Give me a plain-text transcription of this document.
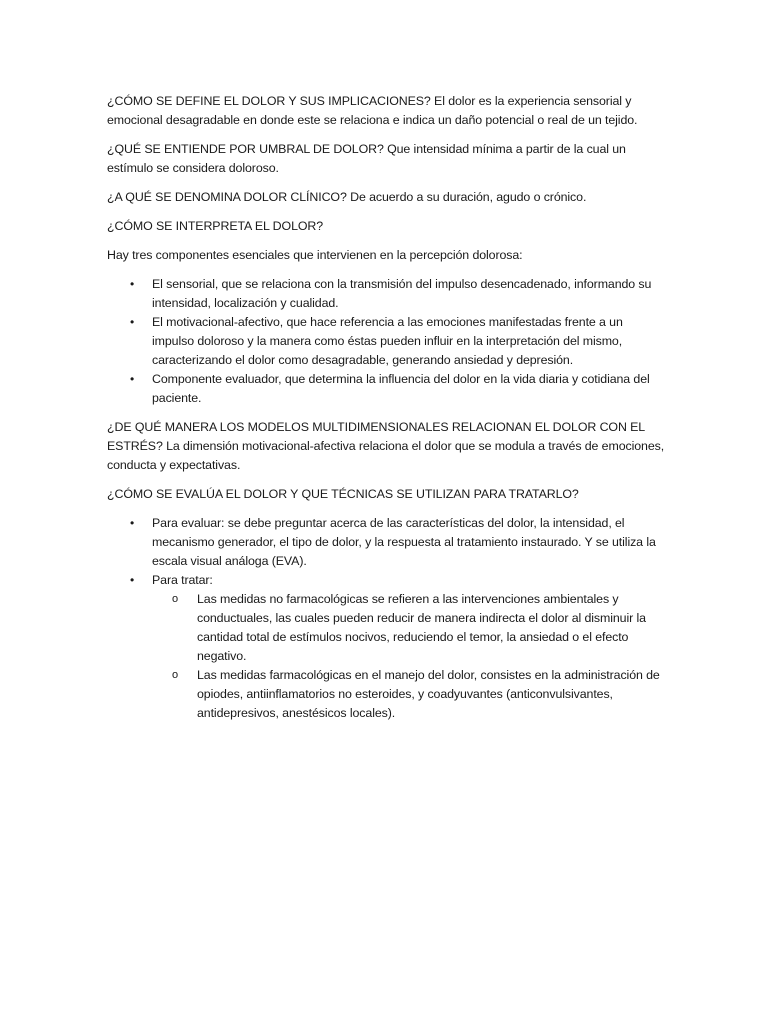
¿CÓMO SE DEFINE EL DOLOR Y SUS IMPLICACIONES? El dolor es la experiencia sensorial y emocional desagradable en donde este se relaciona e indica un daño potencial o real de un tejido.

¿QUÉ SE ENTIENDE POR UMBRAL DE DOLOR? Que intensidad mínima a partir de la cual un estímulo se considera doloroso.

¿A QUÉ SE DENOMINA DOLOR CLÍNICO? De acuerdo a su duración, agudo o crónico.

¿CÓMO SE INTERPRETA EL DOLOR?

Hay tres componentes esenciales que intervienen en la percepción dolorosa:

• El sensorial, que se relaciona con la transmisión del impulso desencadenado, informando su intensidad, localización y cualidad.
• El motivacional-afectivo, que hace referencia a las emociones manifestadas frente a un impulso doloroso y la manera como éstas pueden influir en la interpretación del mismo, caracterizando el dolor como desagradable, generando ansiedad y depresión.
• Componente evaluador, que determina la influencia del dolor en la vida diaria y cotidiana del paciente.

¿DE QUÉ MANERA LOS MODELOS MULTIDIMENSIONALES RELACIONAN EL DOLOR CON EL ESTRÉS? La dimensión motivacional-afectiva relaciona el dolor que se modula a través de emociones, conducta y expectativas.

¿CÓMO SE EVALÚA EL DOLOR Y QUE TÉCNICAS SE UTILIZAN PARA TRATARLO?

• Para evaluar: se debe preguntar acerca de las características del dolor, la intensidad, el mecanismo generador, el tipo de dolor, y la respuesta al tratamiento instaurado. Y se utiliza la escala visual análoga (EVA).
• Para tratar:
o Las medidas no farmacológicas se refieren a las intervenciones ambientales y conductuales, las cuales pueden reducir de manera indirecta el dolor al disminuir la cantidad total de estímulos nocivos, reduciendo el temor, la ansiedad o el efecto negativo.
o Las medidas farmacológicas en el manejo del dolor, consistes en la administración de opiodes, antiinflamatorios no esteroides, y coadyuvantes (anticonvulsivantes, antidepresivos, anestésicos locales).
